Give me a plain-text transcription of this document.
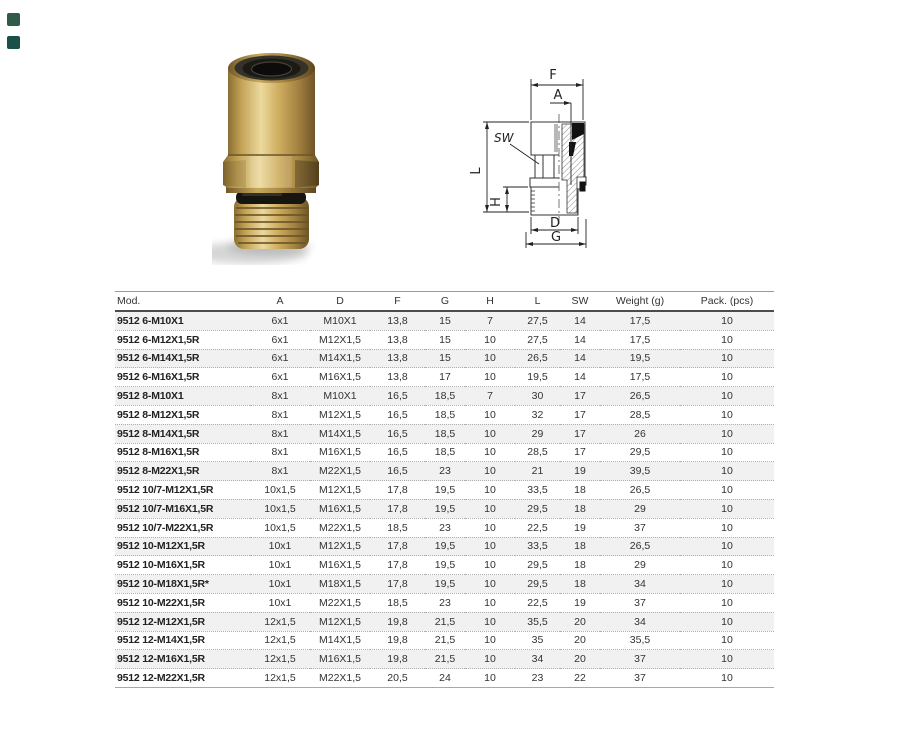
F
A
SW
L
H
D
G
Mod.	A	D	F	G	H	L	SW	Weight (g)	Pack. (pcs)
9512 6-M10X1	6x1	M10X1	13,8	15	7	27,5	14	17,5	10
9512 6-M12X1,5R	6x1	M12X1,5	13,8	15	10	27,5	14	17,5	10
9512 6-M14X1,5R	6x1	M14X1,5	13,8	15	10	26,5	14	19,5	10
9512 6-M16X1,5R	6x1	M16X1,5	13,8	17	10	19,5	14	17,5	10
9512 8-M10X1	8x1	M10X1	16,5	18,5	7	30	17	26,5	10
9512 8-M12X1,5R	8x1	M12X1,5	16,5	18,5	10	32	17	28,5	10
9512 8-M14X1,5R	8x1	M14X1,5	16,5	18,5	10	29	17	26	10
9512 8-M16X1,5R	8x1	M16X1,5	16,5	18,5	10	28,5	17	29,5	10
9512 8-M22X1,5R	8x1	M22X1,5	16,5	23	10	21	19	39,5	10
9512 10/7-M12X1,5R	10x1,5	M12X1,5	17,8	19,5	10	33,5	18	26,5	10
9512 10/7-M16X1,5R	10x1,5	M16X1,5	17,8	19,5	10	29,5	18	29	10
9512 10/7-M22X1,5R	10x1,5	M22X1,5	18,5	23	10	22,5	19	37	10
9512 10-M12X1,5R	10x1	M12X1,5	17,8	19,5	10	33,5	18	26,5	10
9512 10-M16X1,5R	10x1	M16X1,5	17,8	19,5	10	29,5	18	29	10
9512 10-M18X1,5R*	10x1	M18X1,5	17,8	19,5	10	29,5	18	34	10
9512 10-M22X1,5R	10x1	M22X1,5	18,5	23	10	22,5	19	37	10
9512 12-M12X1,5R	12x1,5	M12X1,5	19,8	21,5	10	35,5	20	34	10
9512 12-M14X1,5R	12x1,5	M14X1,5	19,8	21,5	10	35	20	35,5	10
9512 12-M16X1,5R	12x1,5	M16X1,5	19,8	21,5	10	34	20	37	10
9512 12-M22X1,5R	12x1,5	M22X1,5	20,5	24	10	23	22	37	10
